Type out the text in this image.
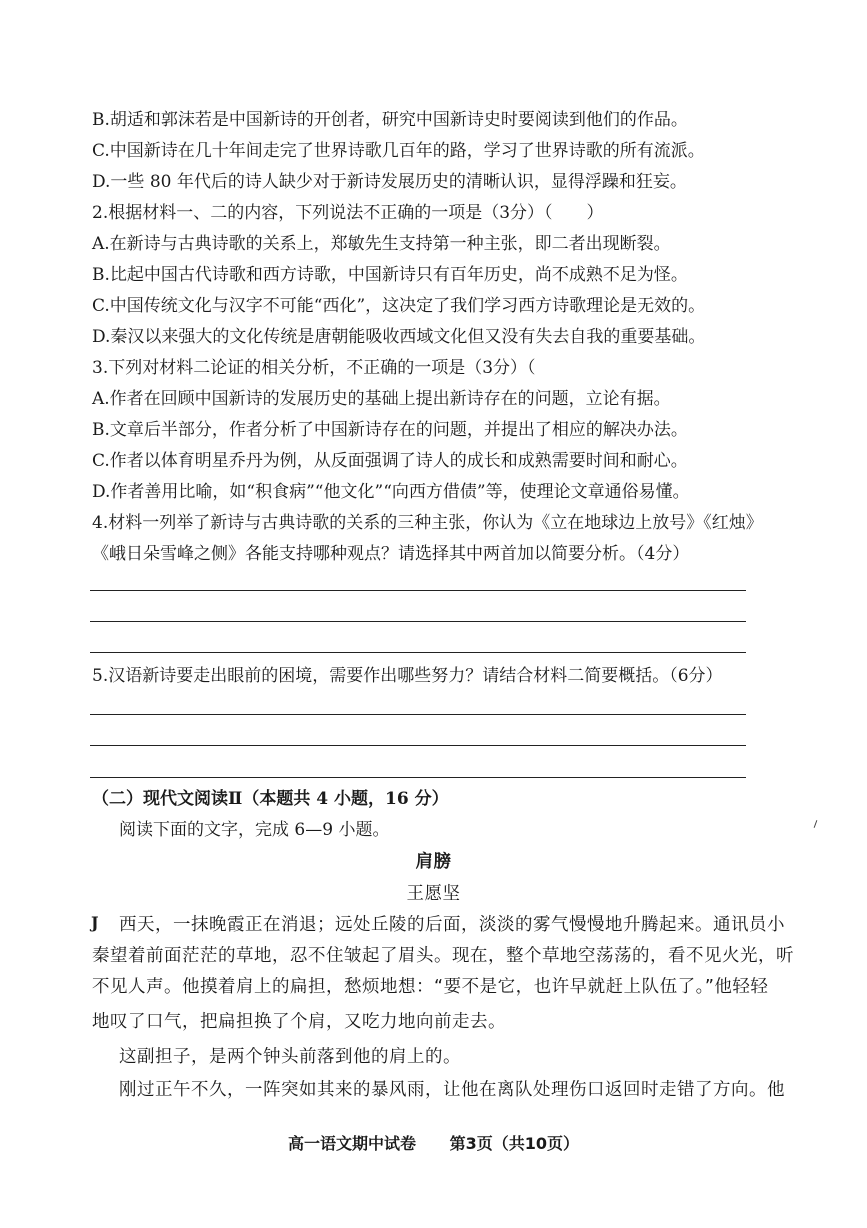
B.胡适和郭沫若是中国新诗的开创者，研究中国新诗史时要阅读到他们的作品。
C.中国新诗在几十年间走完了世界诗歌几百年的路，学习了世界诗歌的所有流派。
D.一些 80 年代后的诗人缺少对于新诗发展历史的清晰认识，显得浮躁和狂妄。
2.根据材料一、二的内容，下列说法不正确的一项是（3分）（　　）
A.在新诗与古典诗歌的关系上，郑敏先生支持第一种主张，即二者出现断裂。
B.比起中国古代诗歌和西方诗歌，中国新诗只有百年历史，尚不成熟不足为怪。
C.中国传统文化与汉字不可能“西化”，这决定了我们学习西方诗歌理论是无效的。
D.秦汉以来强大的文化传统是唐朝能吸收西域文化但又没有失去自我的重要基础。
3.下列对材料二论证的相关分析，不正确的一项是（3分）（
A.作者在回顾中国新诗的发展历史的基础上提出新诗存在的问题，立论有据。
B.文章后半部分，作者分析了中国新诗存在的问题，并提出了相应的解决办法。
C.作者以体育明星乔丹为例，从反面强调了诗人的成长和成熟需要时间和耐心。
D.作者善用比喻，如“积食病”“他文化”“向西方借债”等，使理论文章通俗易懂。
4.材料一列举了新诗与古典诗歌的关系的三种主张，你认为《立在地球边上放号》《红烛》
《峨日朵雪峰之侧》各能支持哪种观点？请选择其中两首加以简要分析。（4分）
5.汉语新诗要走出眼前的困境，需要作出哪些努力？请结合材料二简要概括。（6分）
（二）现代文阅读Ⅱ（本题共 4 小题，16 分）
阅读下面的文字，完成 6—9 小题。
肩膀
王愿坚
J 西天，一抹晚霞正在消退；远处丘陵的后面，淡淡的雾气慢慢地升腾起来。通讯员小
秦望着前面茫茫的草地，忍不住皱起了眉头。现在，整个草地空荡荡的，看不见火光，听
不见人声。他摸着肩上的扁担，愁烦地想：“要不是它，也许早就赶上队伍了。”他轻轻
地叹了口气，把扁担换了个肩，又吃力地向前走去。
这副担子，是两个钟头前落到他的肩上的。
刚过正午不久，一阵突如其来的暴风雨，让他在离队处理伤口返回时走错了方向。他
高一语文期中试卷 第3页（共10页）
